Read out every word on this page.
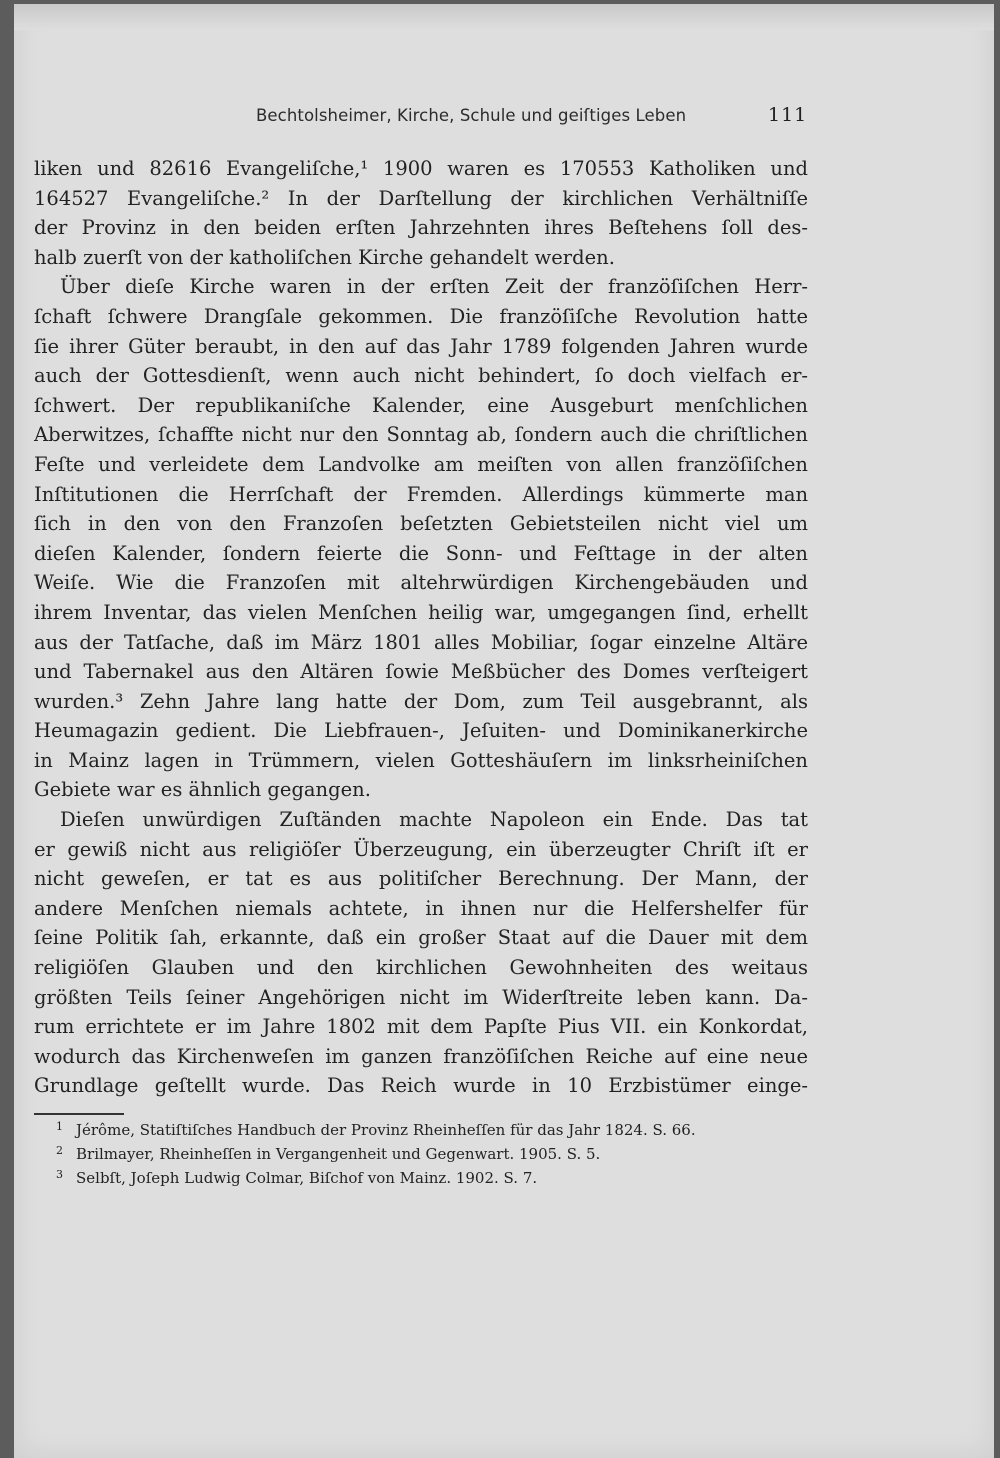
Bechtolsheimer, Kirche, Schule und geiſtiges Leben	111
liken und 82616 Evangeliſche,¹ 1900 waren es 170553 Katholiken und
164527 Evangeliſche.² In der Darſtellung der kirchlichen Verhältniſſe
der Provinz in den beiden erſten Jahrzehnten ihres Beſtehens ſoll des-
halb zuerſt von der katholiſchen Kirche gehandelt werden.
Über dieſe Kirche waren in der erſten Zeit der franzöſiſchen Herr-
ſchaft ſchwere Drangſale gekommen. Die franzöſiſche Revolution hatte
ſie ihrer Güter beraubt, in den auf das Jahr 1789 folgenden Jahren wurde
auch der Gottesdienſt, wenn auch nicht behindert, ſo doch vielfach er-
ſchwert. Der republikaniſche Kalender, eine Ausgeburt menſchlichen
Aberwitzes, ſchaffte nicht nur den Sonntag ab, ſondern auch die chriſtlichen
Feſte und verleidete dem Landvolke am meiſten von allen franzöſiſchen
Inſtitutionen die Herrſchaft der Fremden. Allerdings kümmerte man
ſich in den von den Franzoſen beſetzten Gebietsteilen nicht viel um
dieſen Kalender, ſondern feierte die Sonn- und Feſttage in der alten
Weiſe. Wie die Franzoſen mit altehrwürdigen Kirchengebäuden und
ihrem Inventar, das vielen Menſchen heilig war, umgegangen ſind, erhellt
aus der Tatſache, daß im März 1801 alles Mobiliar, ſogar einzelne Altäre
und Tabernakel aus den Altären ſowie Meßbücher des Domes verſteigert
wurden.³ Zehn Jahre lang hatte der Dom, zum Teil ausgebrannt, als
Heumagazin gedient. Die Liebfrauen-, Jeſuiten- und Dominikanerkirche
in Mainz lagen in Trümmern, vielen Gotteshäuſern im linksrheiniſchen
Gebiete war es ähnlich gegangen.
Dieſen unwürdigen Zuſtänden machte Napoleon ein Ende. Das tat
er gewiß nicht aus religiöſer Überzeugung, ein überzeugter Chriſt iſt er
nicht geweſen, er tat es aus politiſcher Berechnung. Der Mann, der
andere Menſchen niemals achtete, in ihnen nur die Helfershelfer für
ſeine Politik ſah, erkannte, daß ein großer Staat auf die Dauer mit dem
religiöſen Glauben und den kirchlichen Gewohnheiten des weitaus
größten Teils ſeiner Angehörigen nicht im Widerſtreite leben kann. Da-
rum errichtete er im Jahre 1802 mit dem Papſte Pius VII. ein Konkordat,
wodurch das Kirchenweſen im ganzen franzöſiſchen Reiche auf eine neue
Grundlage geſtellt wurde. Das Reich wurde in 10 Erzbistümer einge-
1 Jérôme, Statiſtiſches Handbuch der Provinz Rheinheſſen für das Jahr 1824. S. 66.
2 Brilmayer, Rheinheſſen in Vergangenheit und Gegenwart. 1905. S. 5.
3 Selbſt, Joſeph Ludwig Colmar, Biſchof von Mainz. 1902. S. 7.
